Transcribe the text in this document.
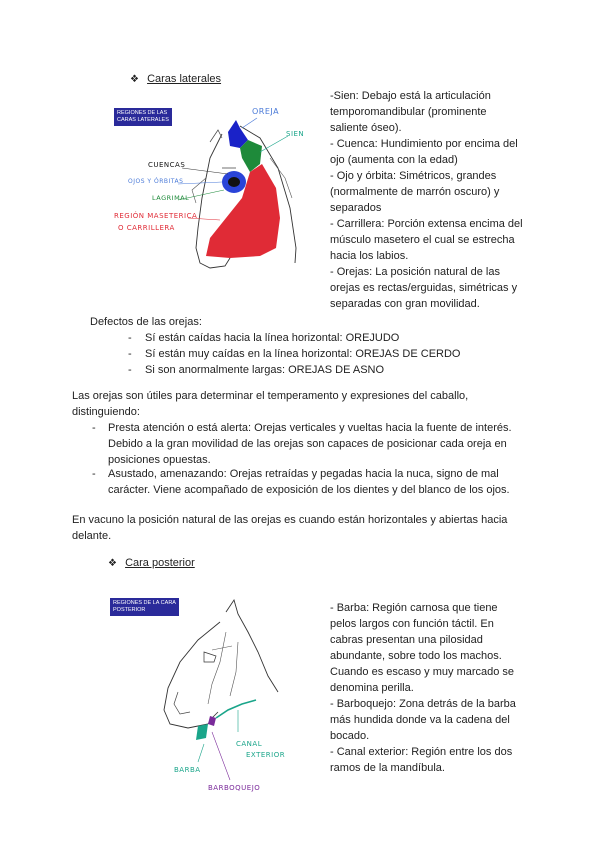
❖ Caras laterales
REGIONES DE LAS
CARAS LATERALES
OREJA
SIEN
CUENCAS
OJOS Y ÓRBITAS
LAGRIMAL
REGIÓN MASETERICA
O CARRILLERA
-Sien: Debajo está la articulación
temporomandibular (prominente
saliente óseo).
- Cuenca: Hundimiento por encima del
ojo (aumenta con la edad)
- Ojo y órbita: Simétricos, grandes
(normalmente de marrón oscuro) y
separados
- Carrillera: Porción extensa encima del
músculo masetero el cual se estrecha
hacia los labios.
- Orejas: La posición natural de las
orejas es rectas/erguidas, simétricas y
separadas con gran movilidad.
Defectos de las orejas:
- Sí están caídas hacia la línea horizontal: OREJUDO
- Sí están muy caídas en la línea horizontal: OREJAS DE CERDO
- Si son anormalmente largas: OREJAS DE ASNO
Las orejas son útiles para determinar el temperamento y expresiones del caballo,
distinguiendo:
- Presta atención o está alerta: Orejas verticales y vueltas hacia la fuente de interés.
Debido a la gran movilidad de las orejas son capaces de posicionar cada oreja en
posiciones opuestas.
- Asustado, amenazando: Orejas retraídas y pegadas hacia la nuca, signo de mal
carácter. Viene acompañado de exposición de los dientes y del blanco de los ojos.
En vacuno la posición natural de las orejas es cuando están horizontales y abiertas hacia
delante.
❖ Cara posterior
REGIONES DE LA CARA
POSTERIOR
CANAL
EXTERIOR
BARBA
BARBOQUEJO
- Barba: Región carnosa que tiene
pelos largos con función táctil. En
cabras presentan una pilosidad
abundante, sobre todo los machos.
Cuando es escaso y muy marcado se
denomina perilla.
- Barboquejo: Zona detrás de la barba
más hundida donde va la cadena del
bocado.
- Canal exterior: Región entre los dos
ramos de la mandíbula.
